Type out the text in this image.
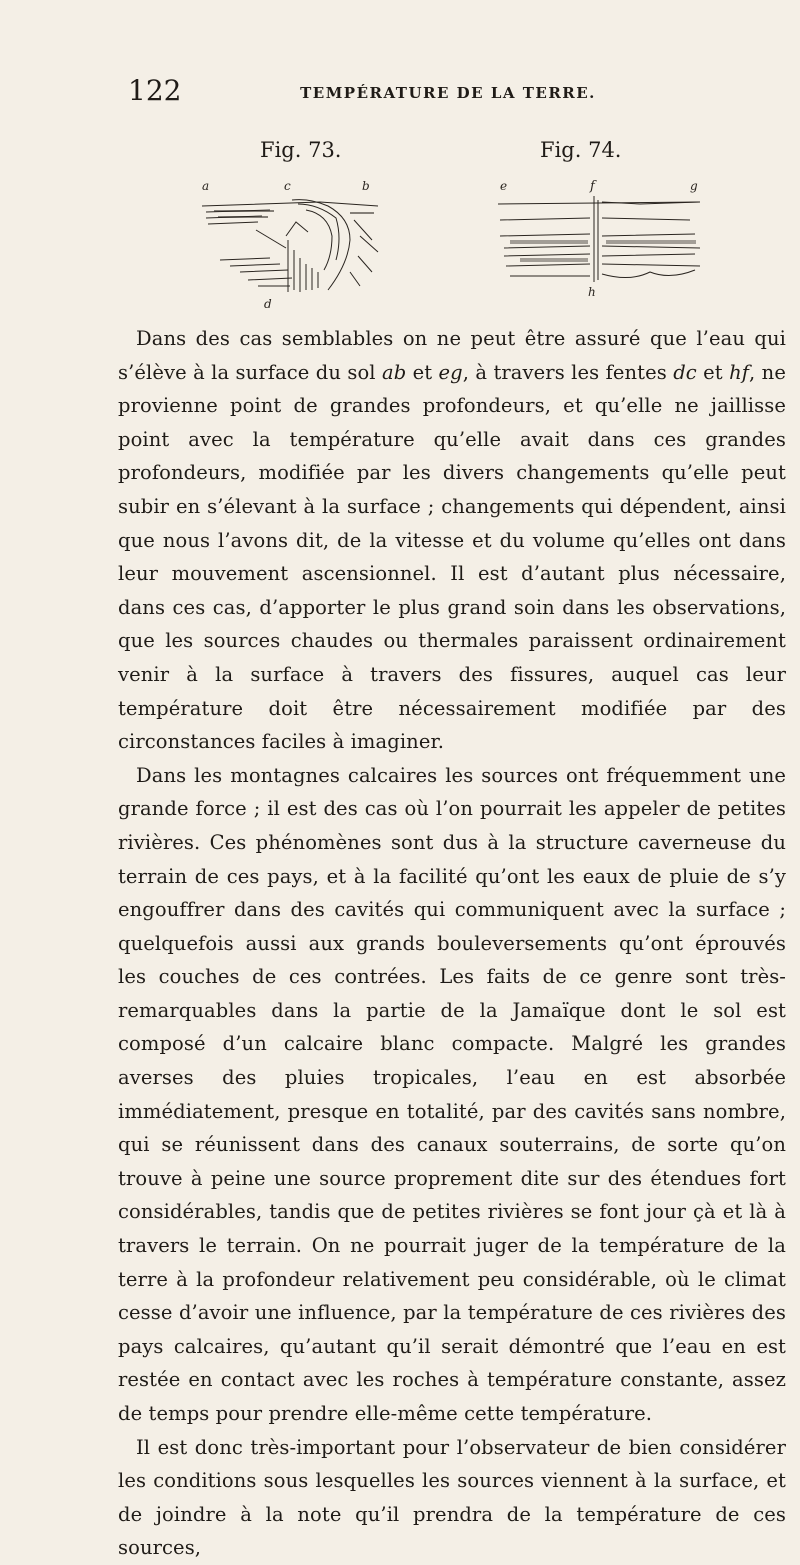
122	TEMPÉRATURE DE LA TERRE.
Fig. 73.
a	c	b
d
Fig. 74.
e	f	g
h

Dans des cas semblables on ne peut être assuré que l’eau qui s’élève à la surface du sol ab et eg, à travers les fentes dc et hf, ne provienne point de grandes profondeurs, et qu’elle ne jaillisse point avec la température qu’elle avait dans ces grandes profondeurs, modifiée par les divers changements qu’elle peut subir en s’élevant à la surface ; changements qui dépendent, ainsi que nous l’avons dit, de la vitesse et du volume qu’elles ont dans leur mouvement ascensionnel. Il est d’autant plus nécessaire, dans ces cas, d’apporter le plus grand soin dans les observations, que les sources chaudes ou thermales paraissent ordinairement venir à la surface à travers des fissures, auquel cas leur température doit être nécessairement modifiée par des circonstances faciles à imaginer.

Dans les montagnes calcaires les sources ont fréquemment une grande force ; il est des cas où l’on pourrait les appeler de petites rivières. Ces phénomènes sont dus à la structure caverneuse du terrain de ces pays, et à la facilité qu’ont les eaux de pluie de s’y engouffrer dans des cavités qui communiquent avec la surface ; quelquefois aussi aux grands bouleversements qu’ont éprouvés les couches de ces contrées. Les faits de ce genre sont très-remarquables dans la partie de la Jamaïque dont le sol est composé d’un calcaire blanc compacte. Malgré les grandes averses des pluies tropicales, l’eau en est absorbée immédiatement, presque en totalité, par des cavités sans nombre, qui se réunissent dans des canaux souterrains, de sorte qu’on trouve à peine une source proprement dite sur des étendues fort considérables, tandis que de petites rivières se font jour çà et là à travers le terrain. On ne pourrait juger de la température de la terre à la profondeur relativement peu considérable, où le climat cesse d’avoir une influence, par la température de ces rivières des pays calcaires, qu’autant qu’il serait démontré que l’eau en est restée en contact avec les roches à température constante, assez de temps pour prendre elle-même cette température.

Il est donc très-important pour l’observateur de bien considérer les conditions sous lesquelles les sources viennent à la surface, et de joindre à la note qu’il prendra de la température de ces sources,
